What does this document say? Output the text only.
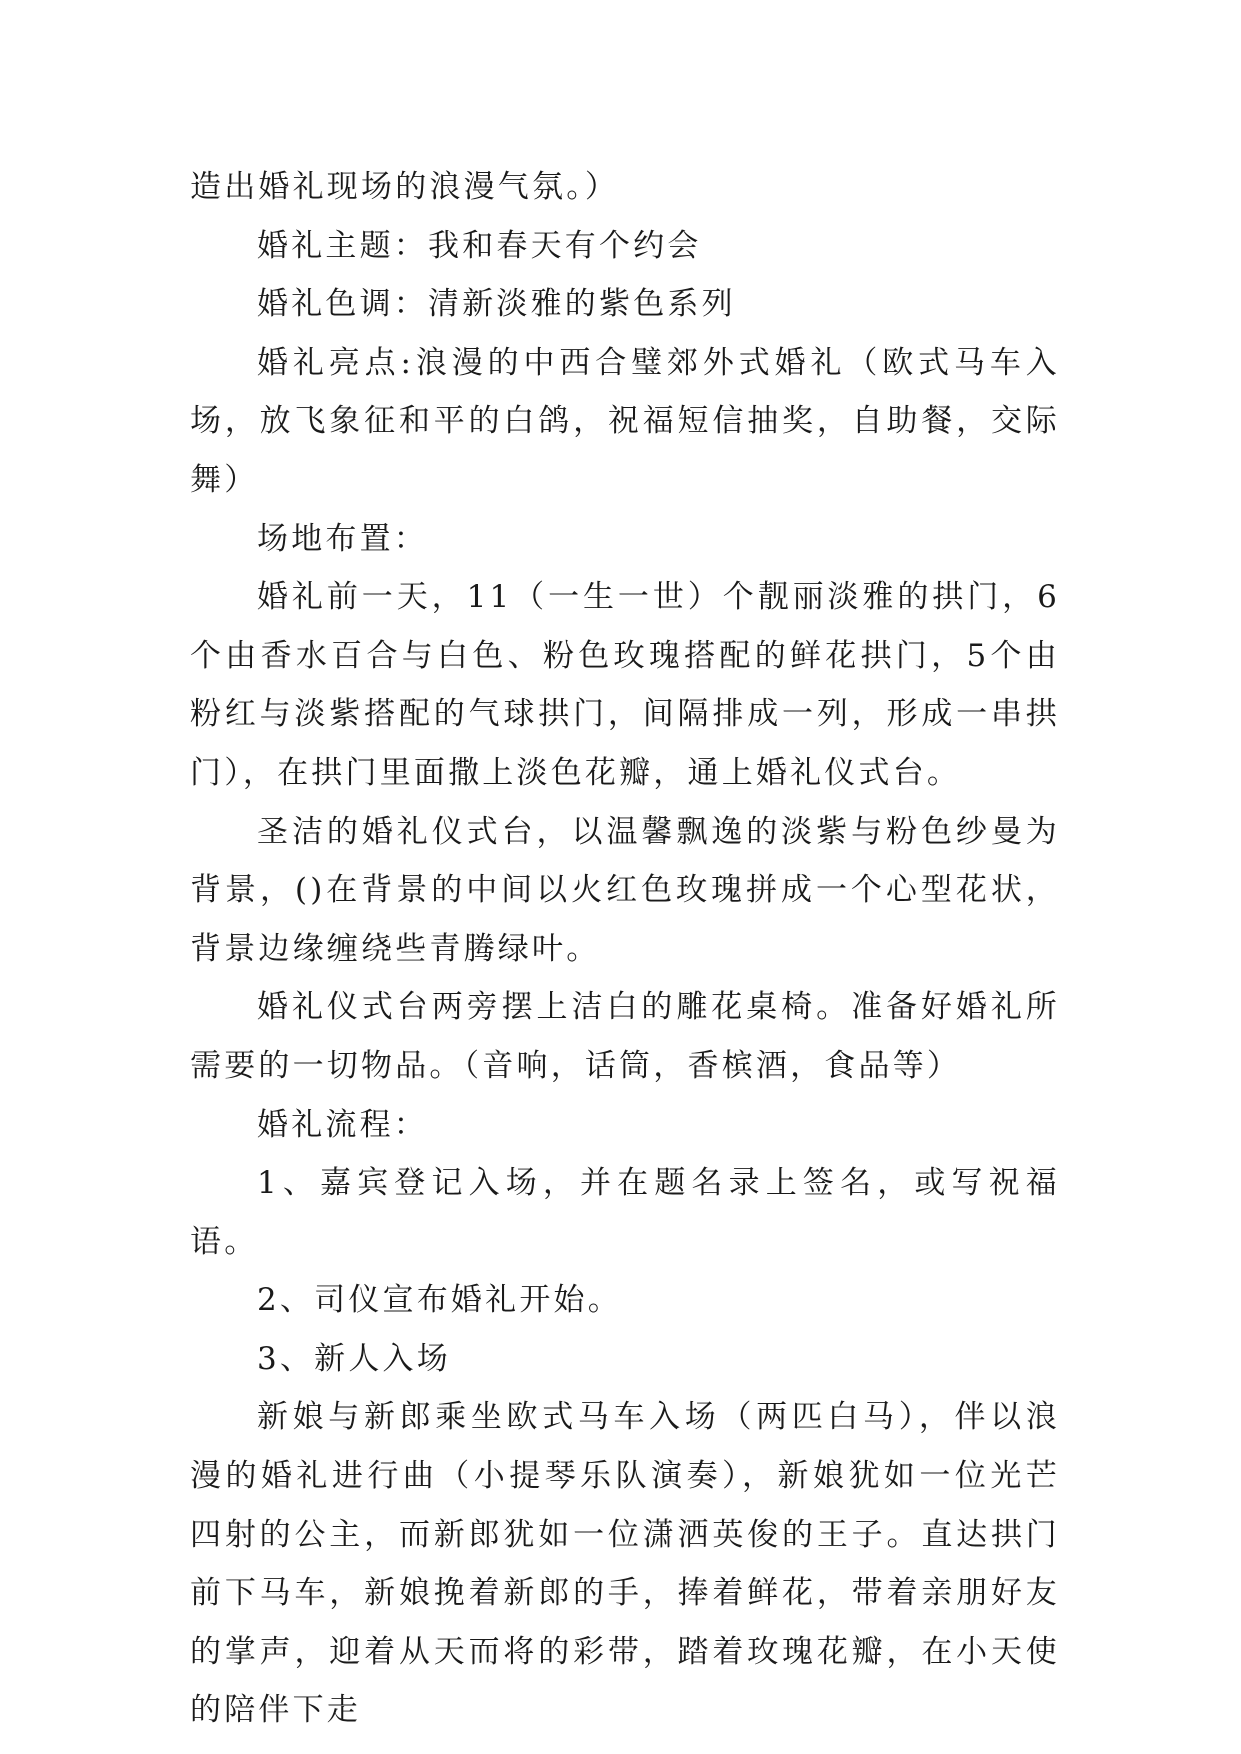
造出婚礼现场的浪漫气氛。）

婚礼主题：我和春天有个约会

婚礼色调：清新淡雅的紫色系列

婚礼亮点:浪漫的中西合璧郊外式婚礼（欧式马车入场，放飞象征和平的白鸽，祝福短信抽奖，自助餐，交际舞）

场地布置：

婚礼前一天，11（一生一世）个靓丽淡雅的拱门，6个由香水百合与白色、粉色玫瑰搭配的鲜花拱门，5个由粉红与淡紫搭配的气球拱门，间隔排成一列，形成一串拱门），在拱门里面撒上淡色花瓣，通上婚礼仪式台。

圣洁的婚礼仪式台，以温馨飘逸的淡紫与粉色纱曼为背景，()在背景的中间以火红色玫瑰拼成一个心型花状，背景边缘缠绕些青腾绿叶。

婚礼仪式台两旁摆上洁白的雕花桌椅。准备好婚礼所需要的一切物品。（音响，话筒，香槟酒，食品等）

婚礼流程：

1、嘉宾登记入场，并在题名录上签名，或写祝福语。

2、司仪宣布婚礼开始。

3、新人入场

新娘与新郎乘坐欧式马车入场（两匹白马），伴以浪漫的婚礼进行曲（小提琴乐队演奏），新娘犹如一位光芒四射的公主，而新郎犹如一位潇洒英俊的王子。直达拱门前下马车，新娘挽着新郎的手，捧着鲜花，带着亲朋好友的掌声，迎着从天而将的彩带，踏着玫瑰花瓣，在小天使的陪伴下走
